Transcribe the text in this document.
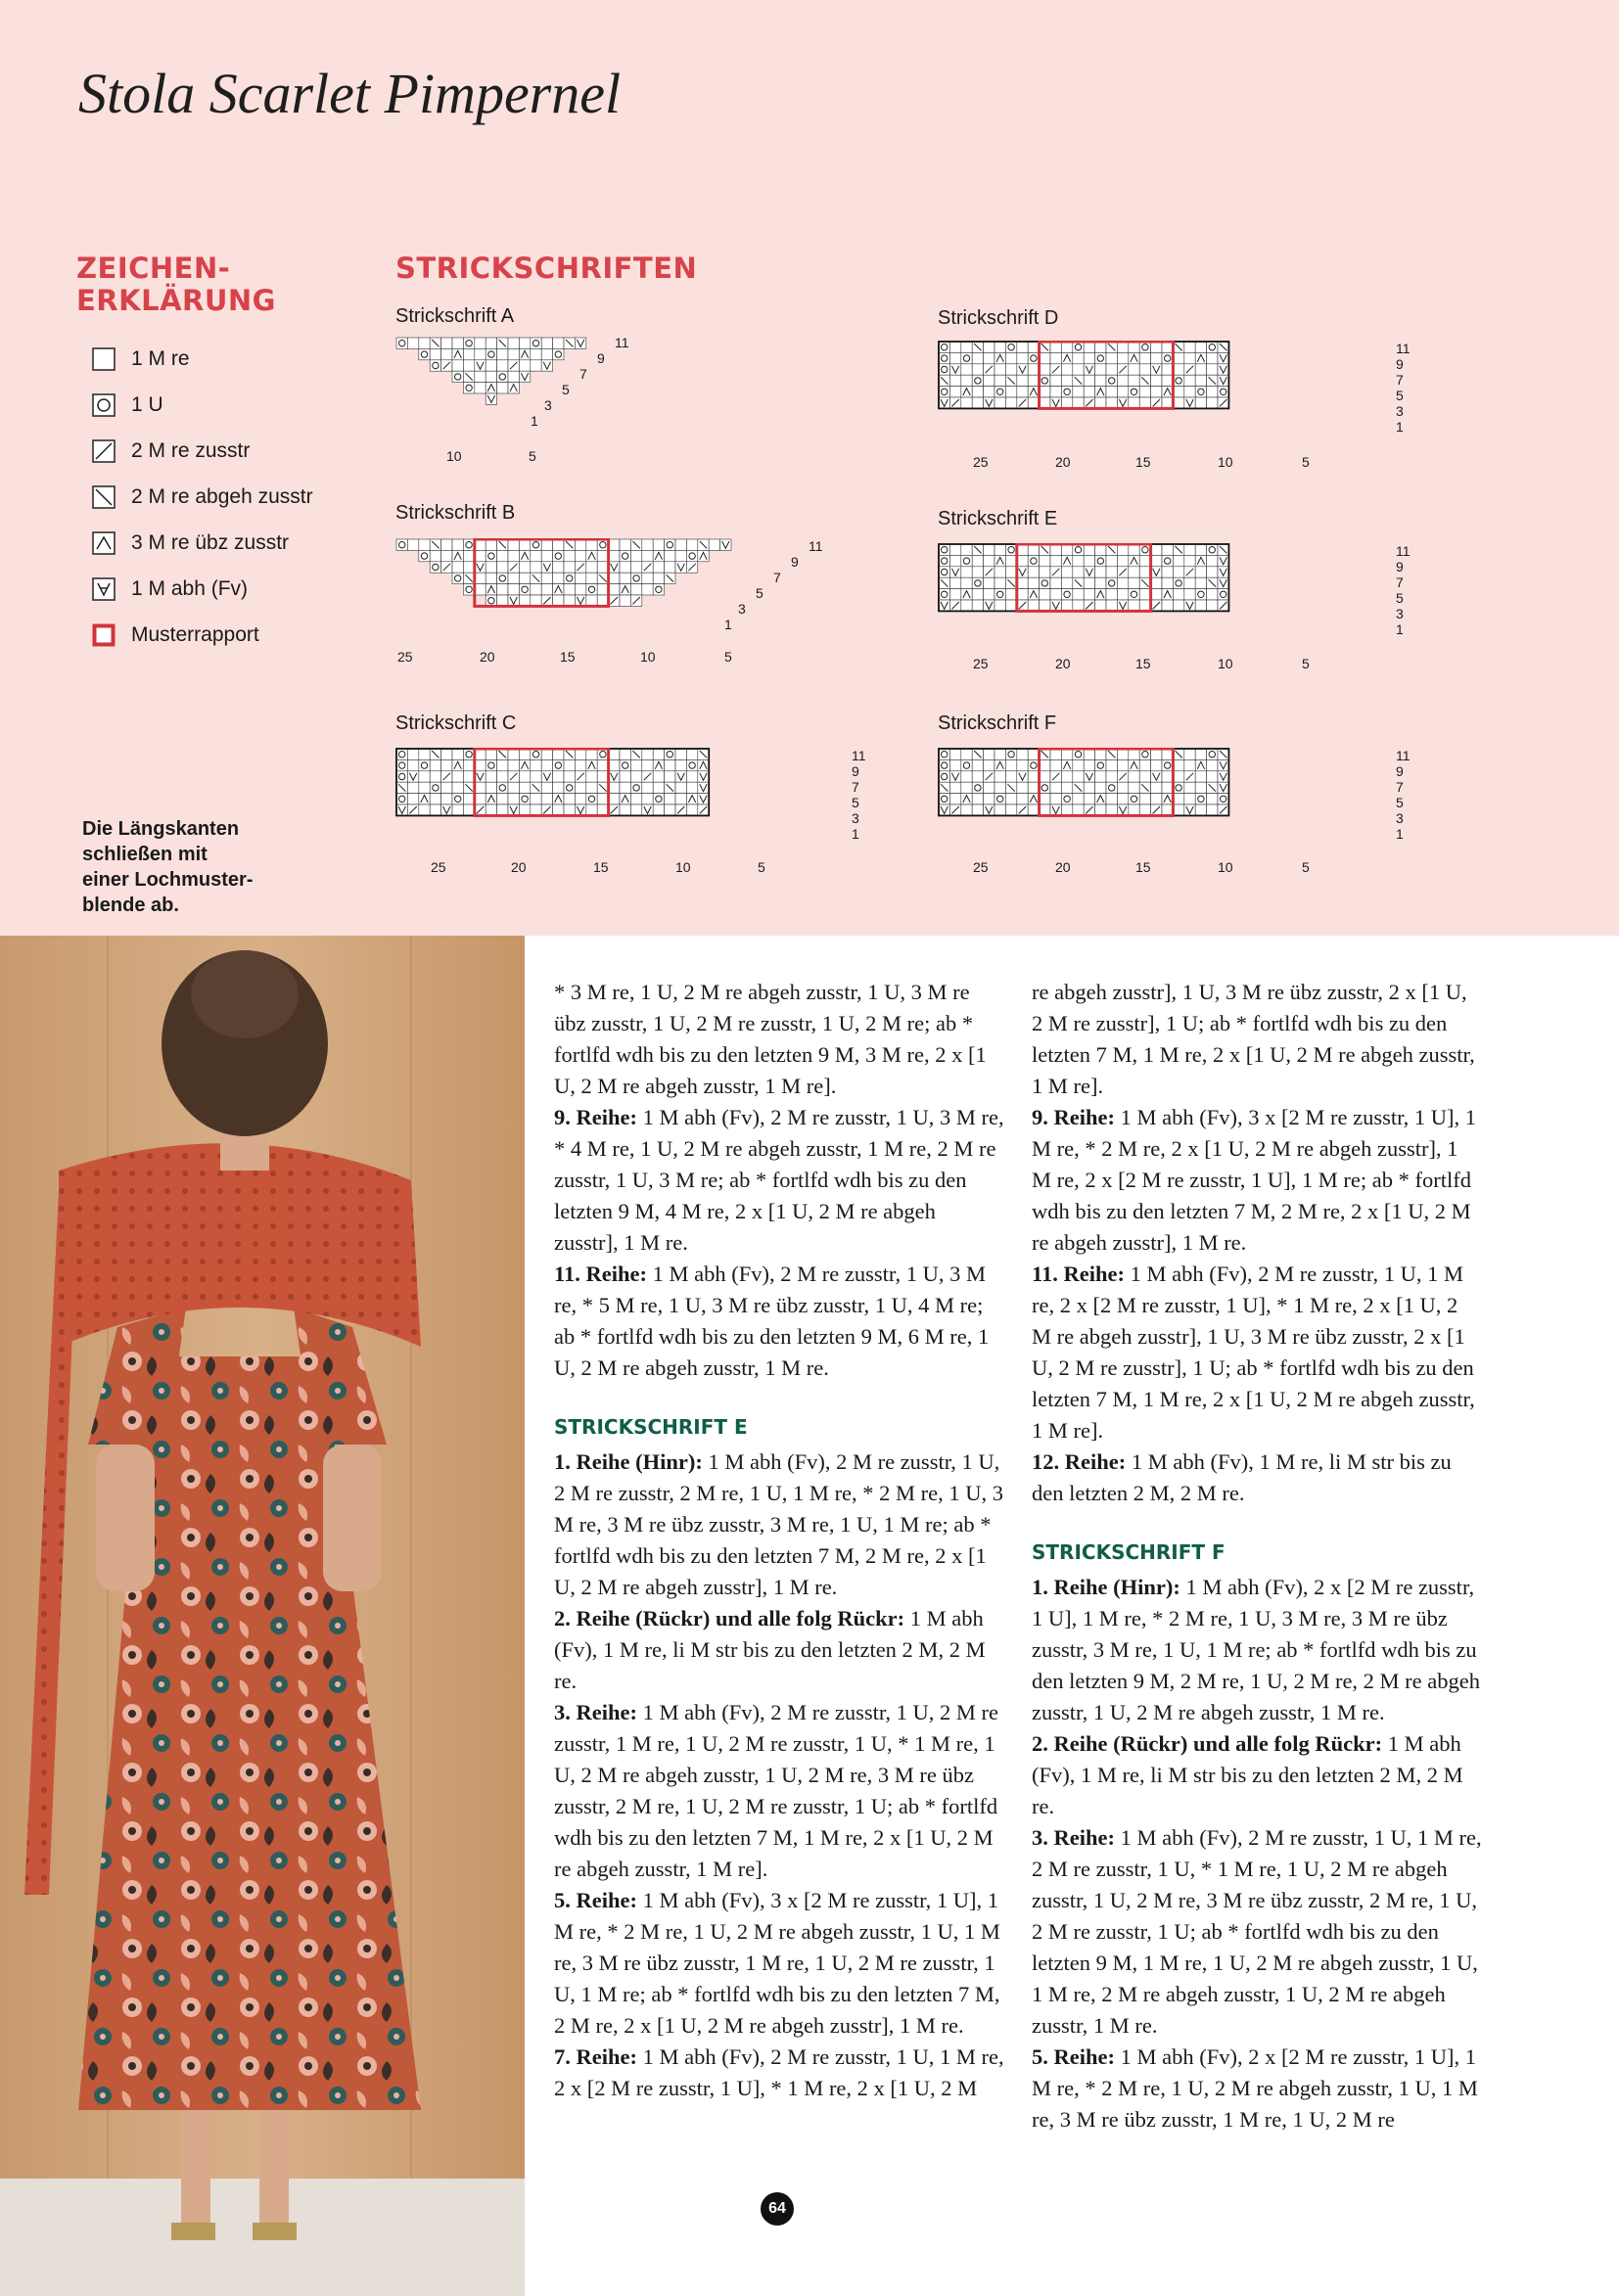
Stola Scarlet Pimpernel
ZEICHEN-
ERKLÄRUNG
1 M re
1 U
2 M re zusstr
2 M re abgeh zusstr
3 M re übz zusstr
1 M abh (Fv)
Musterrapport
STRICKSCHRIFTEN
Strickschrift A
Strickschrift B
Strickschrift C
Strickschrift D
Strickschrift E
Strickschrift F
11
9
7
5
3
1
11
9
7
5
3
1
11
9
7
5
3
1
11
9
7
5
3
1
11
9
7
5
3
1
11
9
7
5
3
1
10	5
25	20	15	10	5
25	20	15	10	5
25	20	15	10	5
25	20	15	10	5
25	20	15	10	5
Die Längskanten schließen mit einer Lochmuster-blende ab.

* 3 M re, 1 U, 2 M re abgeh zusstr, 1 U, 3 M re übz zusstr, 1 U, 2 M re zusstr, 1 U, 2 M re; ab * fortlfd wdh bis zu den letzten 9 M, 3 M re, 2 x [1 U, 2 M re abgeh zusstr, 1 M re].

9. Reihe: 1 M abh (Fv), 2 M re zusstr, 1 U, 3 M re, * 4 M re, 1 U, 2 M re abgeh zusstr, 1 M re, 2 M re zusstr, 1 U, 3 M re; ab * fortlfd wdh bis zu den letzten 9 M, 4 M re, 2 x [1 U, 2 M re abgeh zusstr], 1 M re.

11. Reihe: 1 M abh (Fv), 2 M re zusstr, 1 U, 3 M re, * 5 M re, 1 U, 3 M re übz zusstr, 1 U, 4 M re; ab * fortlfd wdh bis zu den letzten 9 M, 6 M re, 1 U, 2 M re abgeh zusstr, 1 M re.

STRICKSCHRIFT E

1. Reihe (Hinr): 1 M abh (Fv), 2 M re zusstr, 1 U, 2 M re zusstr, 2 M re, 1 U, 1 M re, * 2 M re, 1 U, 3 M re, 3 M re übz zusstr, 3 M re, 1 U, 1 M re; ab * fortlfd wdh bis zu den letzten 7 M, 2 M re, 2 x [1 U, 2 M re abgeh zusstr], 1 M re.

2. Reihe (Rückr) und alle folg Rückr: 1 M abh (Fv), 1 M re, li M str bis zu den letzten 2 M, 2 M re.

3. Reihe: 1 M abh (Fv), 2 M re zusstr, 1 U, 2 M re zusstr, 1 M re, 1 U, 2 M re zusstr, 1 U, * 1 M re, 1 U, 2 M re abgeh zusstr, 1 U, 2 M re, 3 M re übz zusstr, 2 M re, 1 U, 2 M re zusstr, 1 U; ab * fortlfd wdh bis zu den letzten 7 M, 1 M re, 2 x [1 U, 2 M re abgeh zusstr, 1 M re].

5. Reihe: 1 M abh (Fv), 3 x [2 M re zusstr, 1 U], 1 M re, * 2 M re, 1 U, 2 M re abgeh zusstr, 1 U, 1 M re, 3 M re übz zusstr, 1 M re, 1 U, 2 M re zusstr, 1 U, 1 M re; ab * fortlfd wdh bis zu den letzten 7 M, 2 M re, 2 x [1 U, 2 M re abgeh zusstr], 1 M re.

7. Reihe: 1 M abh (Fv), 2 M re zusstr, 1 U, 1 M re, 2 x [2 M re zusstr, 1 U], * 1 M re, 2 x [1 U, 2 M

re abgeh zusstr], 1 U, 3 M re übz zusstr, 2 x [1 U, 2 M re zusstr], 1 U; ab * fortlfd wdh bis zu den letzten 7 M, 1 M re, 2 x [1 U, 2 M re abgeh zusstr, 1 M re].

9. Reihe: 1 M abh (Fv), 3 x [2 M re zusstr, 1 U], 1 M re, * 2 M re, 2 x [1 U, 2 M re abgeh zusstr], 1 M re, 2 x [2 M re zusstr, 1 U], 1 M re; ab * fortlfd wdh bis zu den letzten 7 M, 2 M re, 2 x [1 U, 2 M re abgeh zusstr], 1 M re.

11. Reihe: 1 M abh (Fv), 2 M re zusstr, 1 U, 1 M re, 2 x [2 M re zusstr, 1 U], * 1 M re, 2 x [1 U, 2 M re abgeh zusstr], 1 U, 3 M re übz zusstr, 2 x [1 U, 2 M re zusstr], 1 U; ab * fortlfd wdh bis zu den letzten 7 M, 1 M re, 2 x [1 U, 2 M re abgeh zusstr, 1 M re].

12. Reihe: 1 M abh (Fv), 1 M re, li M str bis zu den letzten 2 M, 2 M re.

STRICKSCHRIFT F

1. Reihe (Hinr): 1 M abh (Fv), 2 x [2 M re zusstr, 1 U], 1 M re, * 2 M re, 1 U, 3 M re, 3 M re übz zusstr, 3 M re, 1 U, 1 M re; ab * fortlfd wdh bis zu den letzten 9 M, 2 M re, 1 U, 2 M re, 2 M re abgeh zusstr, 1 U, 2 M re abgeh zusstr, 1 M re.

2. Reihe (Rückr) und alle folg Rückr: 1 M abh (Fv), 1 M re, li M str bis zu den letzten 2 M, 2 M re.

3. Reihe: 1 M abh (Fv), 2 M re zusstr, 1 U, 1 M re, 2 M re zusstr, 1 U, * 1 M re, 1 U, 2 M re abgeh zusstr, 1 U, 2 M re, 3 M re übz zusstr, 2 M re, 1 U, 2 M re zusstr, 1 U; ab * fortlfd wdh bis zu den letzten 9 M, 1 M re, 1 U, 2 M re abgeh zusstr, 1 U, 1 M re, 2 M re abgeh zusstr, 1 U, 2 M re abgeh zusstr, 1 M re.

5. Reihe: 1 M abh (Fv), 2 x [2 M re zusstr, 1 U], 1 M re, * 2 M re, 1 U, 2 M re abgeh zusstr, 1 U, 1 M re, 3 M re übz zusstr, 1 M re, 1 U, 2 M re

64
